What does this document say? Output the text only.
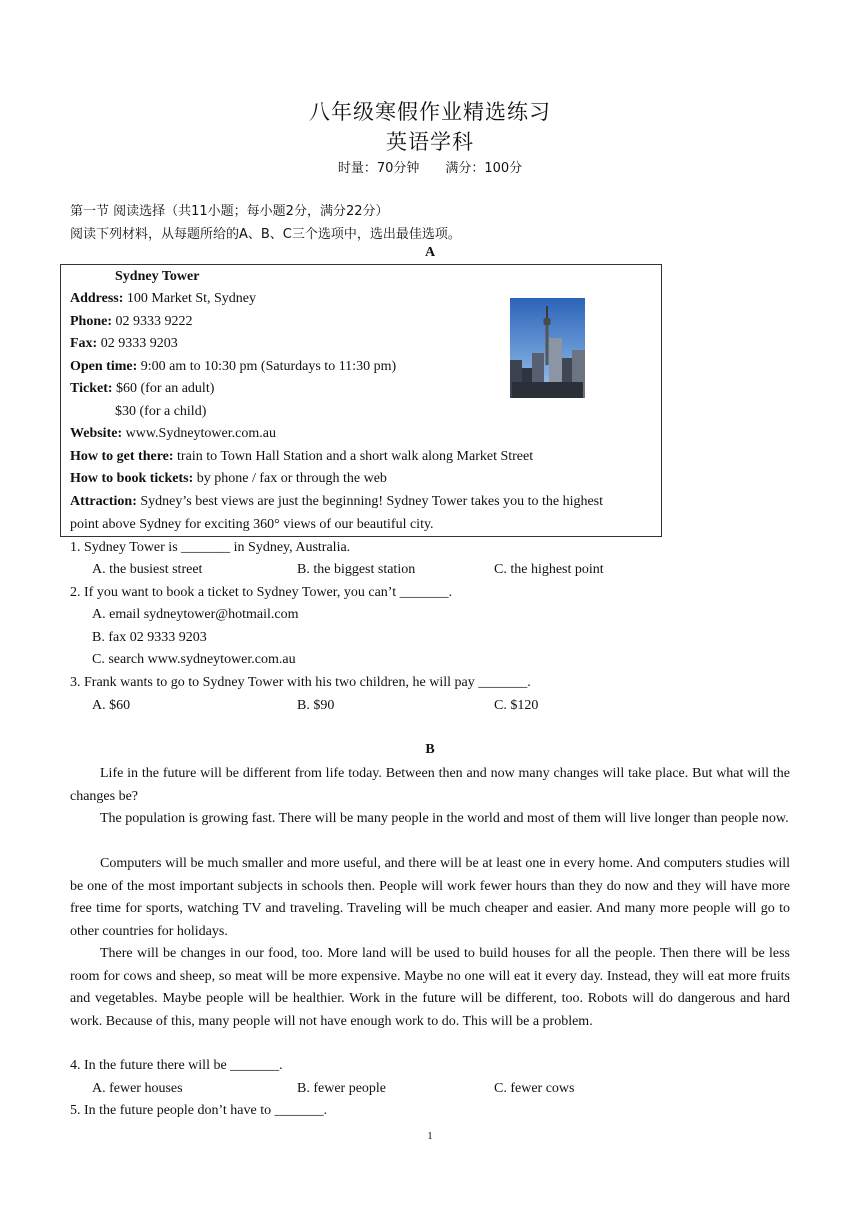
八年级寒假作业精选练习
英语学科
时量：70分钟　　满分：100分
第一节 阅读选择（共11小题；每小题2分，满分22分）
阅读下列材料，从每题所给的A、B、C三个选项中，选出最佳选项。
A
Sydney Tower
Address: 100 Market St, Sydney
Phone: 02 9333 9222
Fax: 02 9333 9203
Open time: 9:00 am to 10:30 pm (Saturdays to 11:30 pm)
Ticket: $60 (for an adult)
$30 (for a child)
Website: www.Sydneytower.com.au
How to get there: train to Town Hall Station and a short walk along Market Street
How to book tickets: by phone / fax or through the web
Attraction: Sydney’s best views are just the beginning! Sydney Tower takes you to the highest
point above Sydney for exciting 360° views of our beautiful city.
1. Sydney Tower is _______ in Sydney, Australia.
A. the busiest street	B. the biggest station	C. the highest point
2. If you want to book a ticket to Sydney Tower, you can’t _______.
A. email sydneytower@hotmail.com
B. fax 02 9333 9203
C. search www.sydneytower.com.au
3. Frank wants to go to Sydney Tower with his two children, he will pay _______.
A. $60	B. $90	C. $120
B
Life in the future will be different from life today. Between then and now many changes will take place. But what will the changes be?
The population is growing fast. There will be many people in the world and most of them will live longer than people now.
Computers will be much smaller and more useful, and there will be at least one in every home. And computers studies will be one of the most important subjects in schools then. People will work fewer hours than they do now and they will have more free time for sports, watching TV and traveling. Traveling will be much cheaper and easier. And many more people will go to other countries for holidays.
There will be changes in our food, too. More land will be used to build houses for all the people. Then there will be less room for cows and sheep, so meat will be more expensive. Maybe no one will eat it every day. Instead, they will eat more fruits and vegetables. Maybe people will be healthier. Work in the future will be different, too. Robots will do dangerous and hard work. Because of this, many people will not have enough work to do. This will be a problem.
4. In the future there will be _______.
A. fewer houses	B. fewer people	C. fewer cows
5. In the future people don’t have to _______.
1
